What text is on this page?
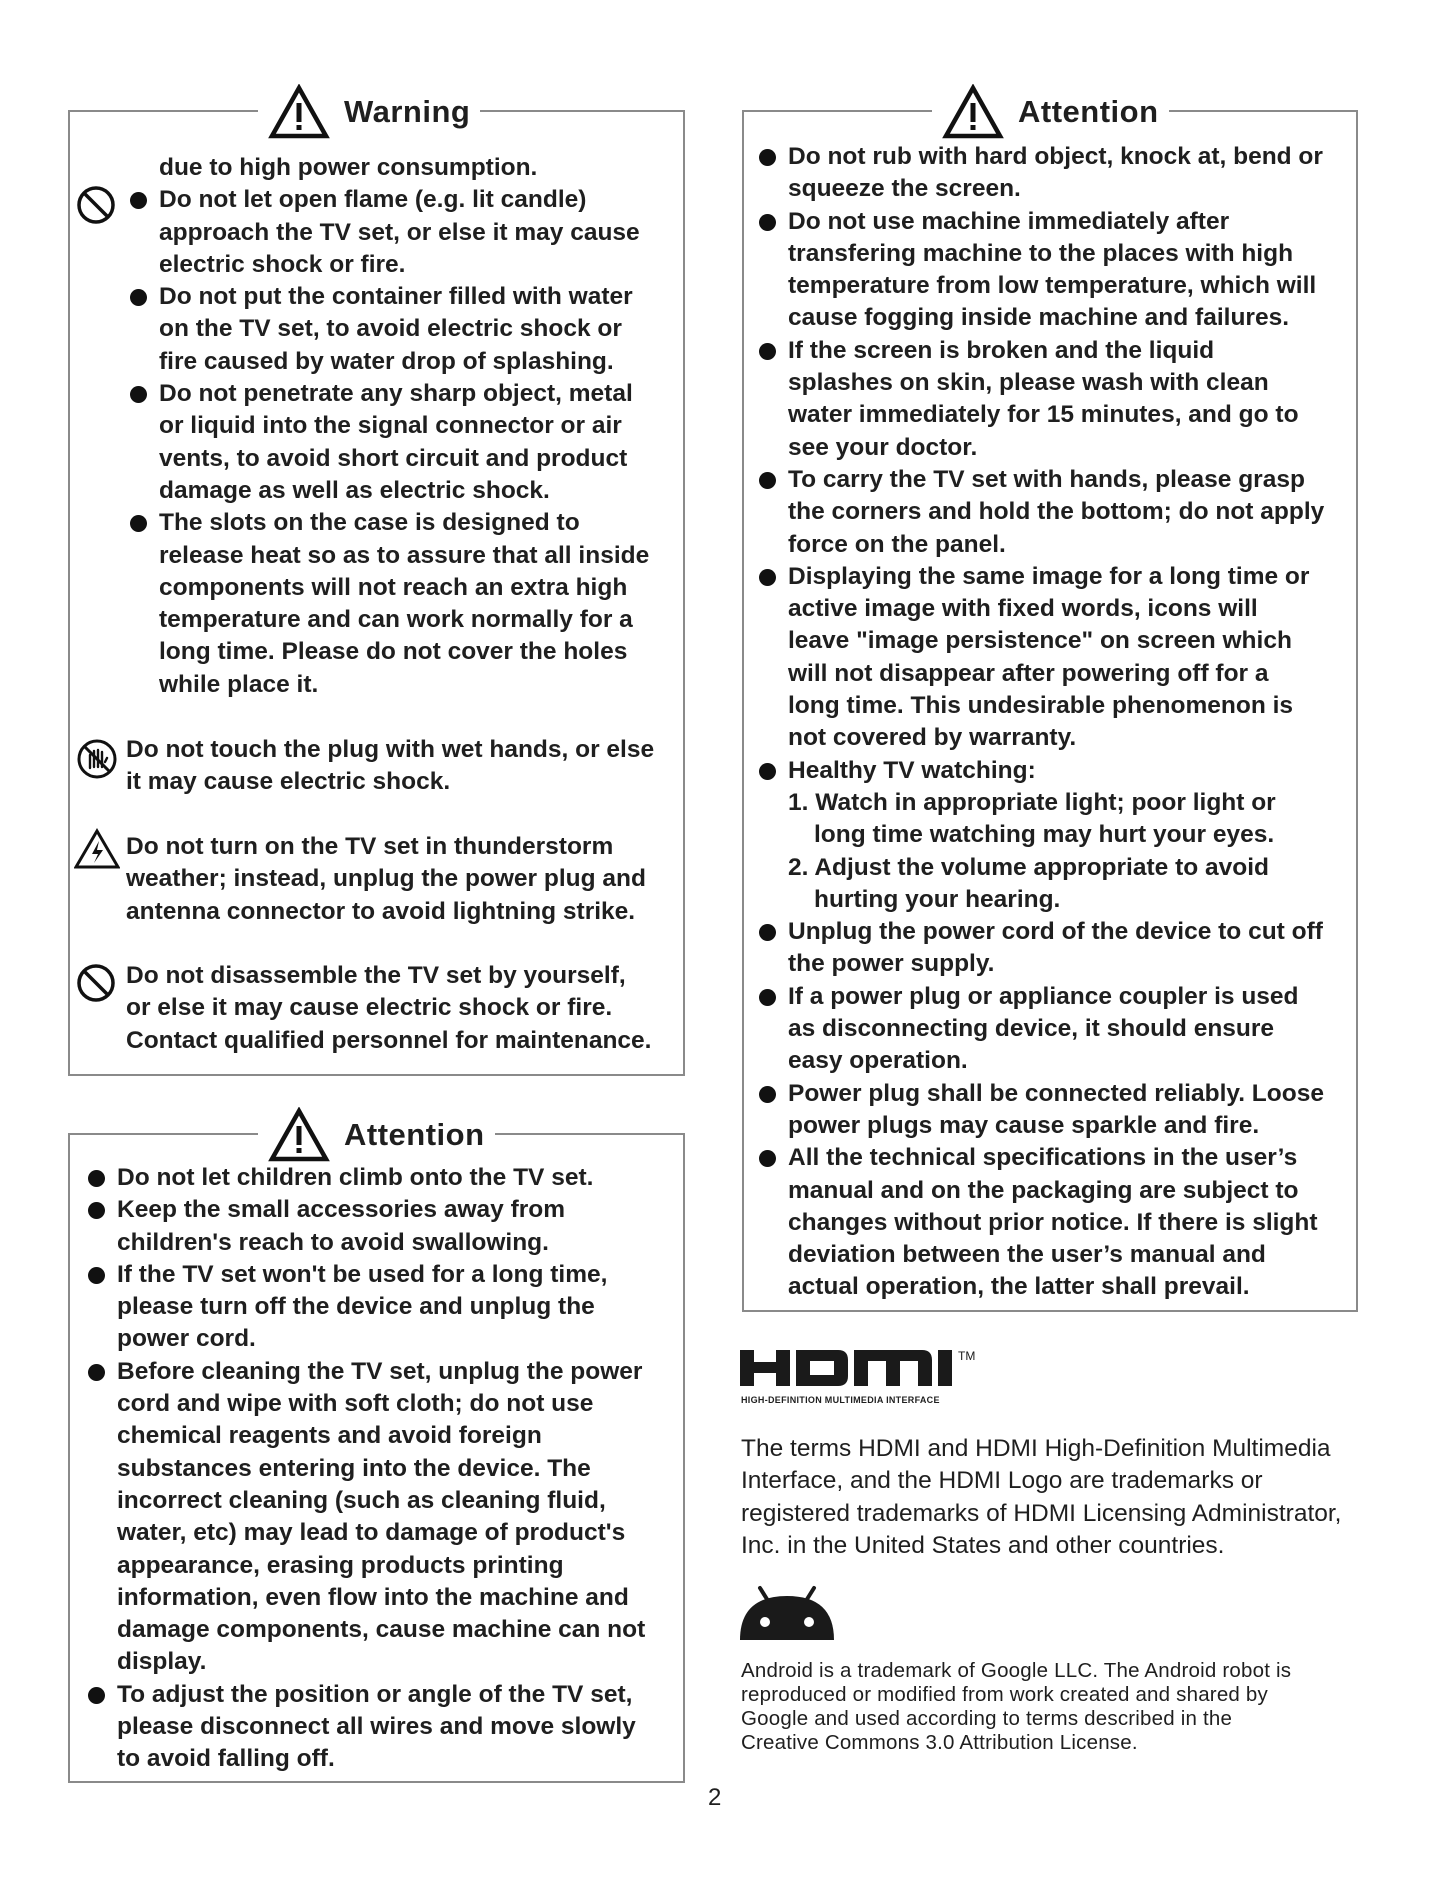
Warning
due to high power consumption.
Do not let open flame (e.g. lit candle)
approach the TV set, or else it may cause
electric shock or fire.
Do not put the container filled with water
on the TV set, to avoid electric shock or
fire caused by water drop of splashing.
Do not penetrate any sharp object, metal
or liquid into the signal connector or air
vents, to avoid short circuit and product
damage as well as electric shock.
The slots on the case is designed to
release heat so as to assure that all inside
components will not reach an extra high
temperature and can work normally for a
long time. Please do not cover the holes
while place it.
Do not touch the plug with wet hands, or else
it may cause electric shock.
Do not turn on the TV set in thunderstorm
weather; instead, unplug the power plug and
antenna connector to avoid lightning strike.
Do not disassemble the TV set by yourself,
or else it may cause electric shock or fire.
Contact qualified personnel for maintenance.
Attention
Do not let children climb onto the TV set.
Keep the small accessories away from
children's reach to avoid swallowing.
If the TV set won't be used for a long time,
please turn off the device and unplug the
power cord.
Before cleaning the TV set, unplug the power
cord and wipe with soft cloth; do not use
chemical reagents and avoid foreign
substances entering into the device. The
incorrect cleaning (such as cleaning fluid,
water, etc) may lead to damage of product's
appearance, erasing products printing
information, even flow into the machine and
damage components, cause machine can not
display.
To adjust the position or angle of the TV set,
please disconnect all wires and move slowly
to avoid falling off.
Attention
Do not rub with hard object, knock at, bend or
squeeze the screen.
Do not use machine immediately after
transfering machine to the places with high
temperature from low temperature, which will
cause fogging inside machine and failures.
If the screen is broken and the liquid
splashes on skin, please wash with clean
water immediately for 15 minutes, and go to
see your doctor.
To carry the TV set with hands, please grasp
the corners and hold the bottom; do not apply
force on the panel.
Displaying the same image for a long time or
active image with fixed words, icons will
leave "image persistence" on screen which
will not disappear after powering off for a
long time. This undesirable phenomenon is
not covered by warranty.
Healthy TV watching:
1. Watch in appropriate light; poor light or
long time watching may hurt your eyes.
2. Adjust the volume appropriate to avoid
hurting your hearing.
Unplug the power cord of the device to cut off
the power supply.
If a power plug or appliance coupler is used
as disconnecting device, it should ensure
easy operation.
Power plug shall be connected reliably. Loose
power plugs may cause sparkle and fire.
All the technical specifications in the user’s
manual and on the packaging are subject to
changes without prior notice. If there is slight
deviation between the user’s manual and
actual operation, the latter shall prevail.
TM
HIGH-DEFINITION MULTIMEDIA INTERFACE
The terms HDMI and HDMI High-Definition Multimedia
Interface, and the HDMI Logo are trademarks or
registered trademarks of HDMI Licensing Administrator,
Inc. in the United States and other countries.
Android is a trademark of Google LLC. The Android robot is
reproduced or modified from work created and shared by
Google and used according to terms described in the
Creative Commons 3.0 Attribution License.
2
